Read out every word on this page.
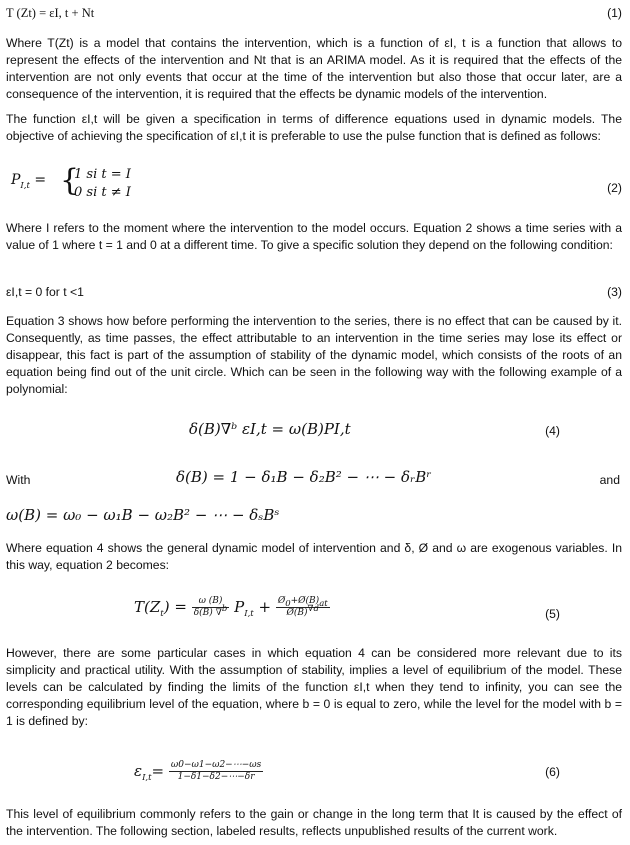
T (Zt) = εI, t + Nt	(1)

Where T(Zt) is a model that contains the intervention, which is a function of εI, t is a function that allows to represent the effects of the intervention and Nt that is an ARIMA model. As it is required that the effects of the intervention are not only events that occur at the time of the intervention but also those that occur later, are a consequence of the intervention, it is required that the effects be dynamic models of the intervention.

The function εI,t will be given a specification in terms of difference equations used in dynamic models. The objective of achieving the specification of εI,t it is preferable to use the pulse function that is defined as follows:

$P_{I,t}$ = {
1 si t = I
0 si t ≠ I	(2)

Where I refers to the moment where the intervention to the model occurs. Equation 2 shows a time series with a value of 1 where t = 1 and 0 at a different time. To give a specific solution they depend on the following condition:

εI,t = 0 for t <1	(3)

Equation 3 shows how before performing the intervention to the series, there is no effect that can be caused by it. Consequently, as time passes, the effect attributable to an intervention in the time series may lose its effect or disappear, this fact is part of the assumption of stability of the dynamic model, which consists of the roots of an equation being find out of the unit circle. Which can be seen in the following way with the following example of a polynomial:

δ(B)∇ᵇ εI,t = ω(B)PI,t	(4)
With	δ(B) = 1 − δ₁B − δ₂B² − ⋯ − δᵣBʳ	and
ω(B) = ω₀ − ω₁B − ω₂B² − ⋯ − δₛBˢ

Where equation 4 shows the general dynamic model of intervention and δ, Ø and ω are exogenous variables. In this way, equation 2 becomes:

$T(Z_t) = \frac{\omega (B)}{\delta(B) \nabla^b} P_{I,t} + \frac{Ø_0+Ø(B)_{at}}{Ø(B)^{\nabla d}}$	(5)

However, there are some particular cases in which equation 4 can be considered more relevant due to its simplicity and practical utility. With the assumption of stability, implies a level of equilibrium of the model. These levels can be calculated by finding the limits of the function εI,t when they tend to infinity, you can see the corresponding equilibrium level of the equation, where b = 0 is equal to zero, while the level for the model with b = 1 is defined by:

$\varepsilon_{I,t}= \frac{\omega 0-\omega 1-\omega 2-\cdots-\omega s}{1-\delta 1-\delta 2-\cdots-\delta r}$	(6)

This level of equilibrium commonly refers to the gain or change in the long term that It is caused by the effect of the intervention. The following section, labeled results, reflects unpublished results of the current work.
